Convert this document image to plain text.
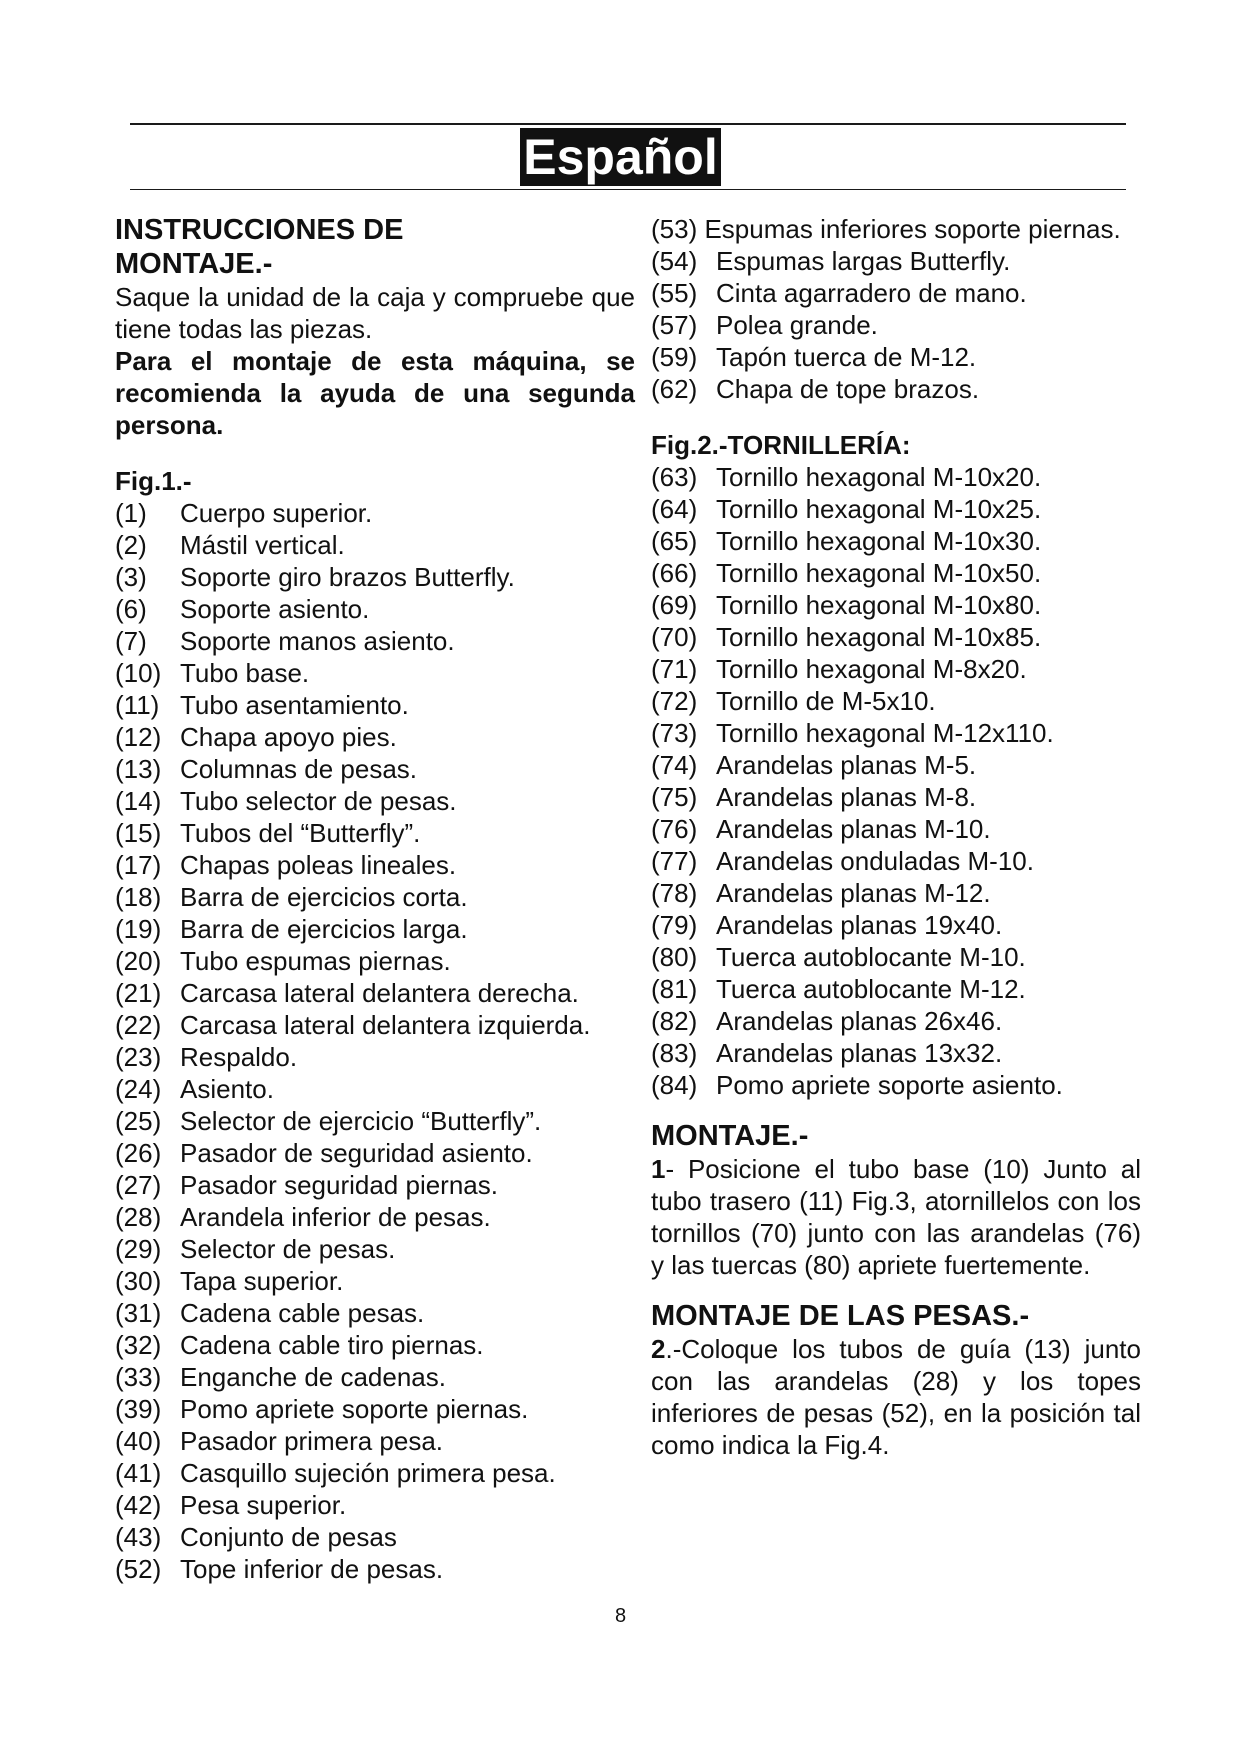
Español
INSTRUCCIONES DE
MONTAJE.-

Saque la unidad de la caja y compruebe que tiene todas las piezas.

Para el montaje de esta máquina, se recomienda la ayuda de una segunda persona.

Fig.1.-
(1)	Cuerpo superior.
(2)	Mástil vertical.
(3)	Soporte giro brazos Butterfly.
(6)	Soporte asiento.
(7)	Soporte manos asiento.
(10) Tubo base.
(11) Tubo asentamiento.
(12) Chapa apoyo pies.
(13) Columnas de pesas.
(14) Tubo selector de pesas.
(15) Tubos del “Butterfly”.
(17) Chapas poleas lineales.
(18) Barra de ejercicios corta.
(19) Barra de ejercicios larga.
(20) Tubo espumas piernas.
(21) Carcasa lateral delantera derecha.
(22) Carcasa lateral delantera izquierda.
(23) Respaldo.
(24) Asiento.
(25) Selector de ejercicio “Butterfly”.
(26) Pasador de seguridad asiento.
(27) Pasador seguridad piernas.
(28) Arandela inferior de pesas.
(29) Selector de pesas.
(30) Tapa superior.
(31) Cadena cable pesas.
(32) Cadena cable tiro piernas.
(33) Enganche de cadenas.
(39) Pomo apriete soporte piernas.
(40) Pasador primera pesa.
(41) Casquillo sujeción primera pesa.
(42) Pesa superior.
(43) Conjunto de pesas
(52) Tope inferior de pesas.

(53) Espumas inferiores soporte piernas.

(54) Espumas largas Butterfly.
(55) Cinta agarradero de mano.
(57) Polea grande.
(59) Tapón tuerca de M-12.
(62) Chapa de tope brazos.
Fig.2.-TORNILLERÍA:
(63) Tornillo hexagonal M-10x20.
(64) Tornillo hexagonal M-10x25.
(65) Tornillo hexagonal M-10x30.
(66) Tornillo hexagonal M-10x50.
(69) Tornillo hexagonal M-10x80.
(70) Tornillo hexagonal M-10x85.
(71) Tornillo hexagonal M-8x20.
(72) Tornillo de M-5x10.
(73) Tornillo hexagonal M-12x110.
(74) Arandelas planas M-5.
(75) Arandelas planas M-8.
(76) Arandelas planas M-10.
(77) Arandelas onduladas M-10.
(78) Arandelas planas M-12.
(79) Arandelas planas 19x40.
(80) Tuerca autoblocante M-10.
(81) Tuerca autoblocante M-12.
(82) Arandelas planas 26x46.
(83) Arandelas planas 13x32.
(84) Pomo apriete soporte asiento.
MONTAJE.-

1- Posicione el tubo base (10) Junto al tubo trasero (11) Fig.3, atornillelos con los tornillos (70) junto con las arandelas (76) y las tuercas (80) apriete fuertemente.

MONTAJE DE LAS PESAS.-

2.-Coloque los tubos de guía (13) junto con las arandelas (28) y los topes inferiores de pesas (52), en la posición tal como indica la Fig.4.

8
